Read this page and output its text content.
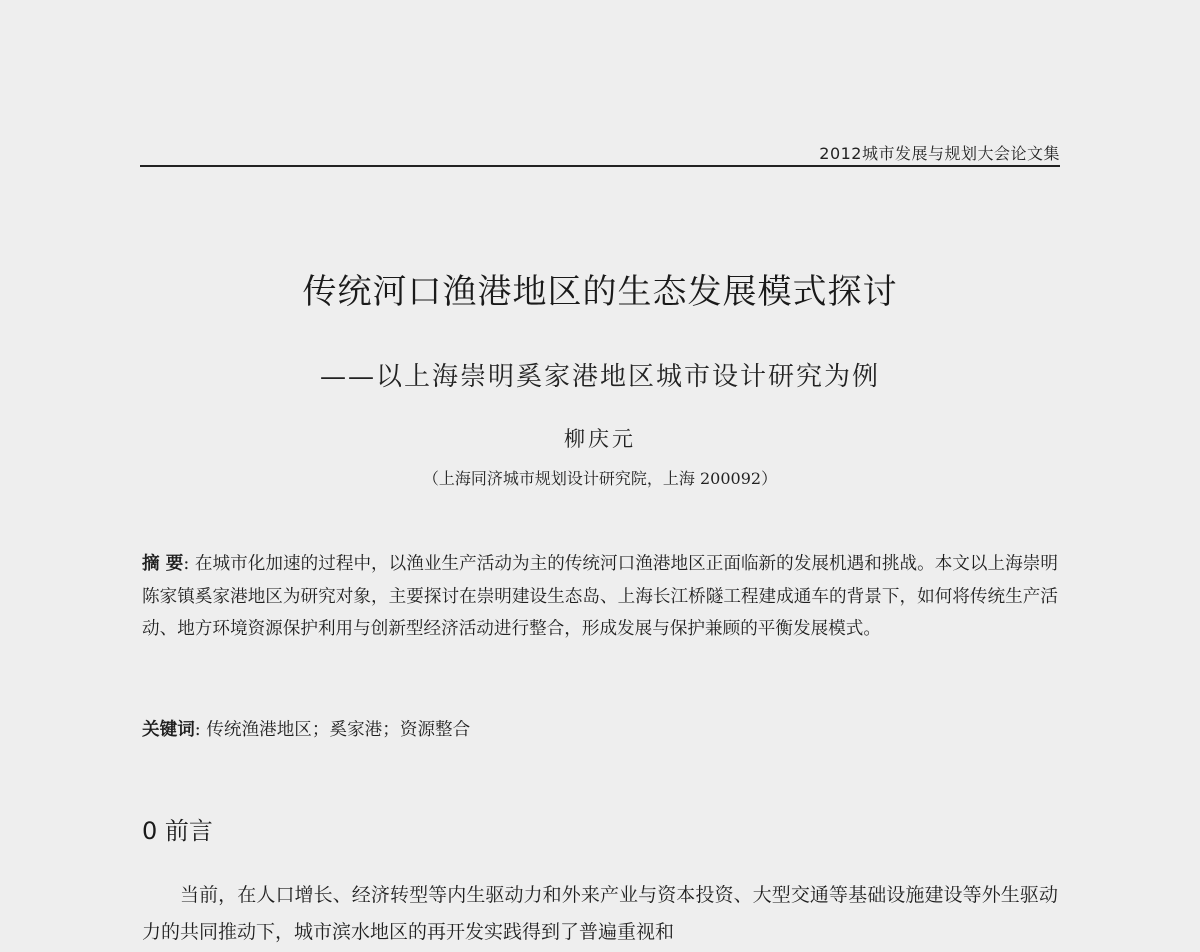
2012城市发展与规划大会论文集
传统河口渔港地区的生态发展模式探讨
——以上海崇明奚家港地区城市设计研究为例
柳庆元
（上海同济城市规划设计研究院，上海 200092）
摘 要: 在城市化加速的过程中，以渔业生产活动为主的传统河口渔港地区正面临新的发展机遇和挑战。本文以上海崇明陈家镇奚家港地区为研究对象，主要探讨在崇明建设生态岛、上海长江桥隧工程建成通车的背景下，如何将传统生产活动、地方环境资源保护利用与创新型经济活动进行整合，形成发展与保护兼顾的平衡发展模式。
关键词: 传统渔港地区；奚家港；资源整合
0 前言
当前，在人口增长、经济转型等内生驱动力和外来产业与资本投资、大型交通等基础设施建设等外生驱动力的共同推动下，城市滨水地区的再开发实践得到了普遍重视和
